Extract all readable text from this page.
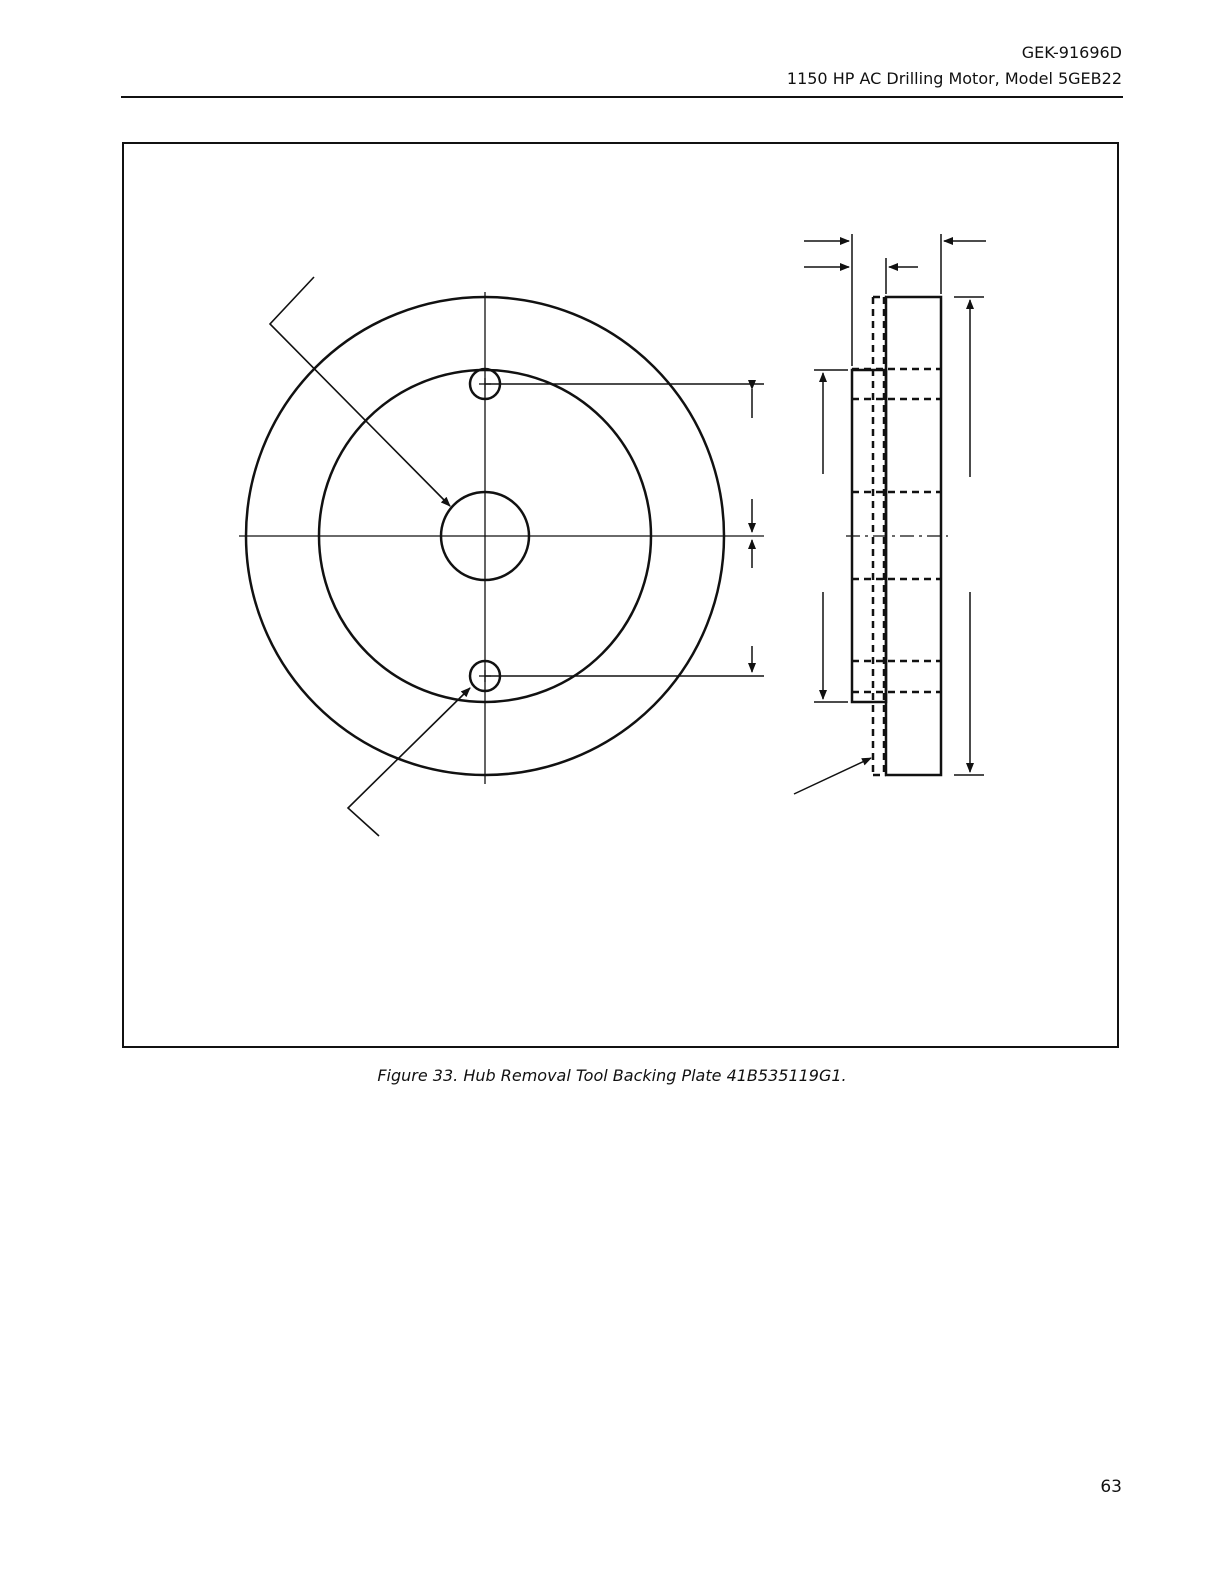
GEK-91696D
1150 HP AC Drilling Motor, Model 5GEB22
Figure 33. Hub Removal Tool Backing Plate 41B535119G1.
63
